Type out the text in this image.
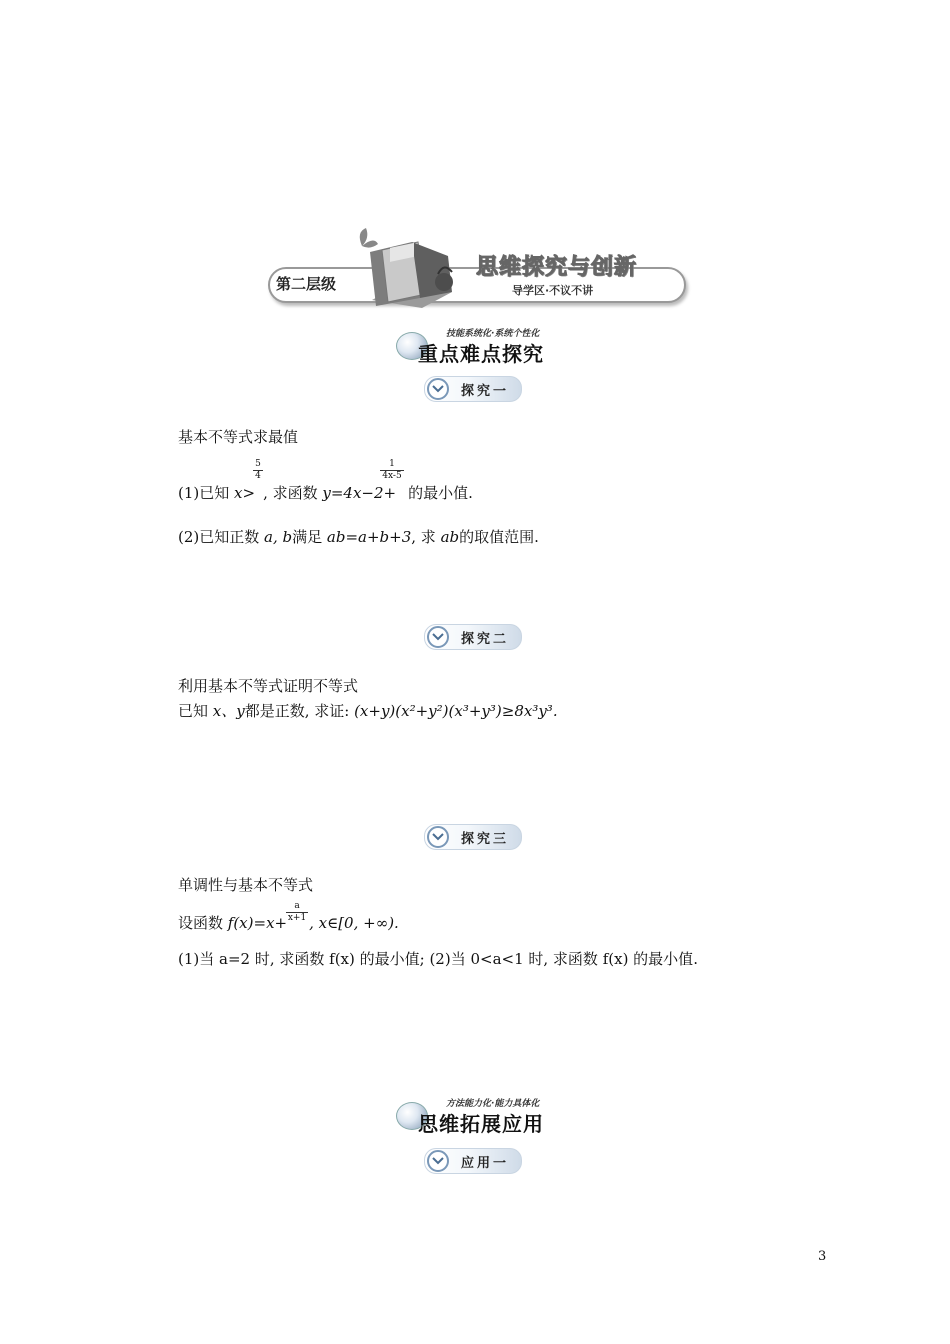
第二层级
思维探究与创新
导学区·不议不讲
技能系统化·系统个性化
重点难点探究
探究一
基本不等式求最值
(1)已知 x> , 求函数 y=4x−2+ 的最小值.
5
4
1
4x-5
(2)已知正数 a, b满足 ab=a+b+3, 求 ab的取值范围.
探究二
利用基本不等式证明不等式
已知 x、y都是正数, 求证: (x+y)(x²+y²)(x³+y³)≥8x³y³.
探究三
单调性与基本不等式
设函数 f(x)=x+ , x∈[0, +∞).
a
x+1
(1)当 a=2 时, 求函数 f(x) 的最小值; (2)当 0<a<1 时, 求函数 f(x) 的最小值.
方法能力化·能力具体化
思维拓展应用
应用一
3
